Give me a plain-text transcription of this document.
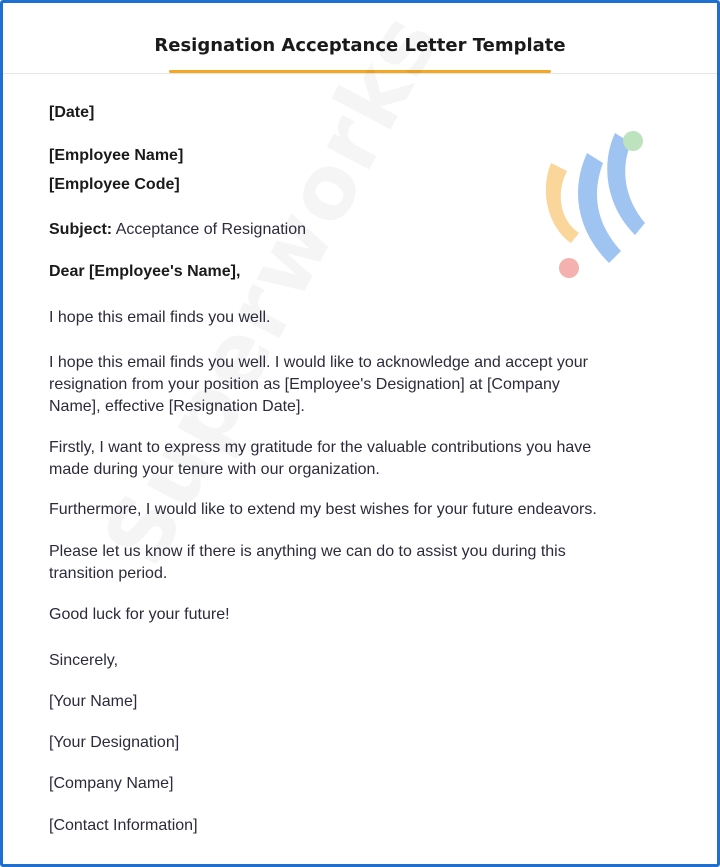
Resignation Acceptance Letter Template
[Date]
[Employee Name]
[Employee Code]
Subject: Acceptance of Resignation
Dear [Employee's Name],
I hope this email finds you well.
I hope this email finds you well. I would like to acknowledge and accept your
resignation from your position as [Employee's Designation] at [Company
Name], effective [Resignation Date].
Firstly, I want to express my gratitude for the valuable contributions you have
made during your tenure with our organization.
Furthermore, I would like to extend my best wishes for your future endeavors.
Please let us know if there is anything we can do to assist you during this
transition period.
Good luck for your future!
Sincerely,
[Your Name]
[Your Designation]
[Company Name]
[Contact Information]
